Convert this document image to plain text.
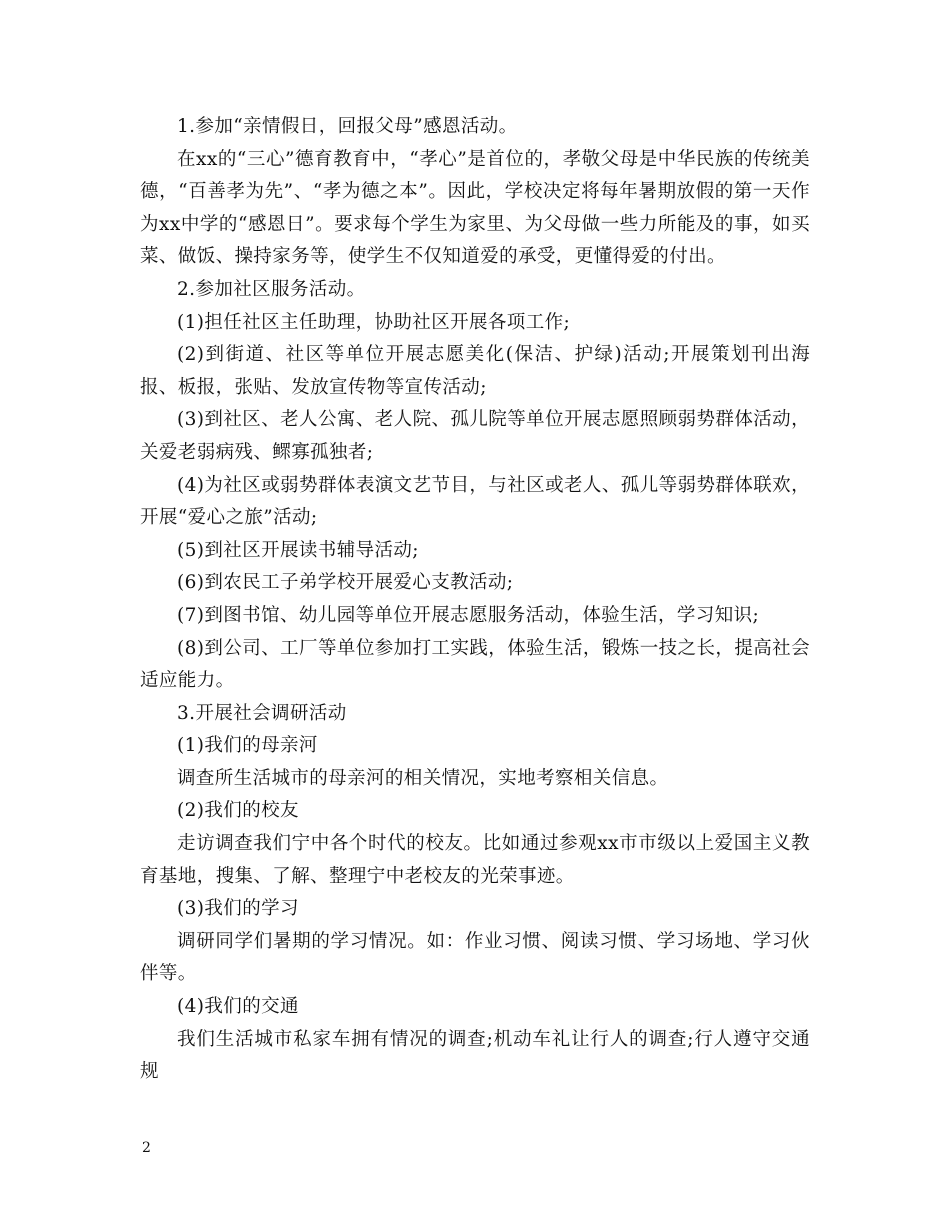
1.参加“亲情假日，回报父母”感恩活动。

在xx的“三心”德育教育中，“孝心”是首位的，孝敬父母是中华民族的传统美德，“百善孝为先”、“孝为德之本”。因此，学校决定将每年暑期放假的第一天作为xx中学的“感恩日”。要求每个学生为家里、为父母做一些力所能及的事，如买菜、做饭、操持家务等，使学生不仅知道爱的承受，更懂得爱的付出。

2.参加社区服务活动。

(1)担任社区主任助理，协助社区开展各项工作;

(2)到街道、社区等单位开展志愿美化(保洁、护绿)活动;开展策划刊出海报、板报，张贴、发放宣传物等宣传活动;

(3)到社区、老人公寓、老人院、孤儿院等单位开展志愿照顾弱势群体活动，关爱老弱病残、鳏寡孤独者;

(4)为社区或弱势群体表演文艺节目，与社区或老人、孤儿等弱势群体联欢，开展“爱心之旅”活动;

(5)到社区开展读书辅导活动;

(6)到农民工子弟学校开展爱心支教活动;

(7)到图书馆、幼儿园等单位开展志愿服务活动，体验生活，学习知识;

(8)到公司、工厂等单位参加打工实践，体验生活，锻炼一技之长，提高社会适应能力。

3.开展社会调研活动

(1)我们的母亲河

调查所生活城市的母亲河的相关情况，实地考察相关信息。

(2)我们的校友

走访调查我们宁中各个时代的校友。比如通过参观xx市市级以上爱国主义教育基地，搜集、了解、整理宁中老校友的光荣事迹。

(3)我们的学习

调研同学们暑期的学习情况。如：作业习惯、阅读习惯、学习场地、学习伙伴等。

(4)我们的交通

我们生活城市私家车拥有情况的调查;机动车礼让行人的调查;行人遵守交通规

2
